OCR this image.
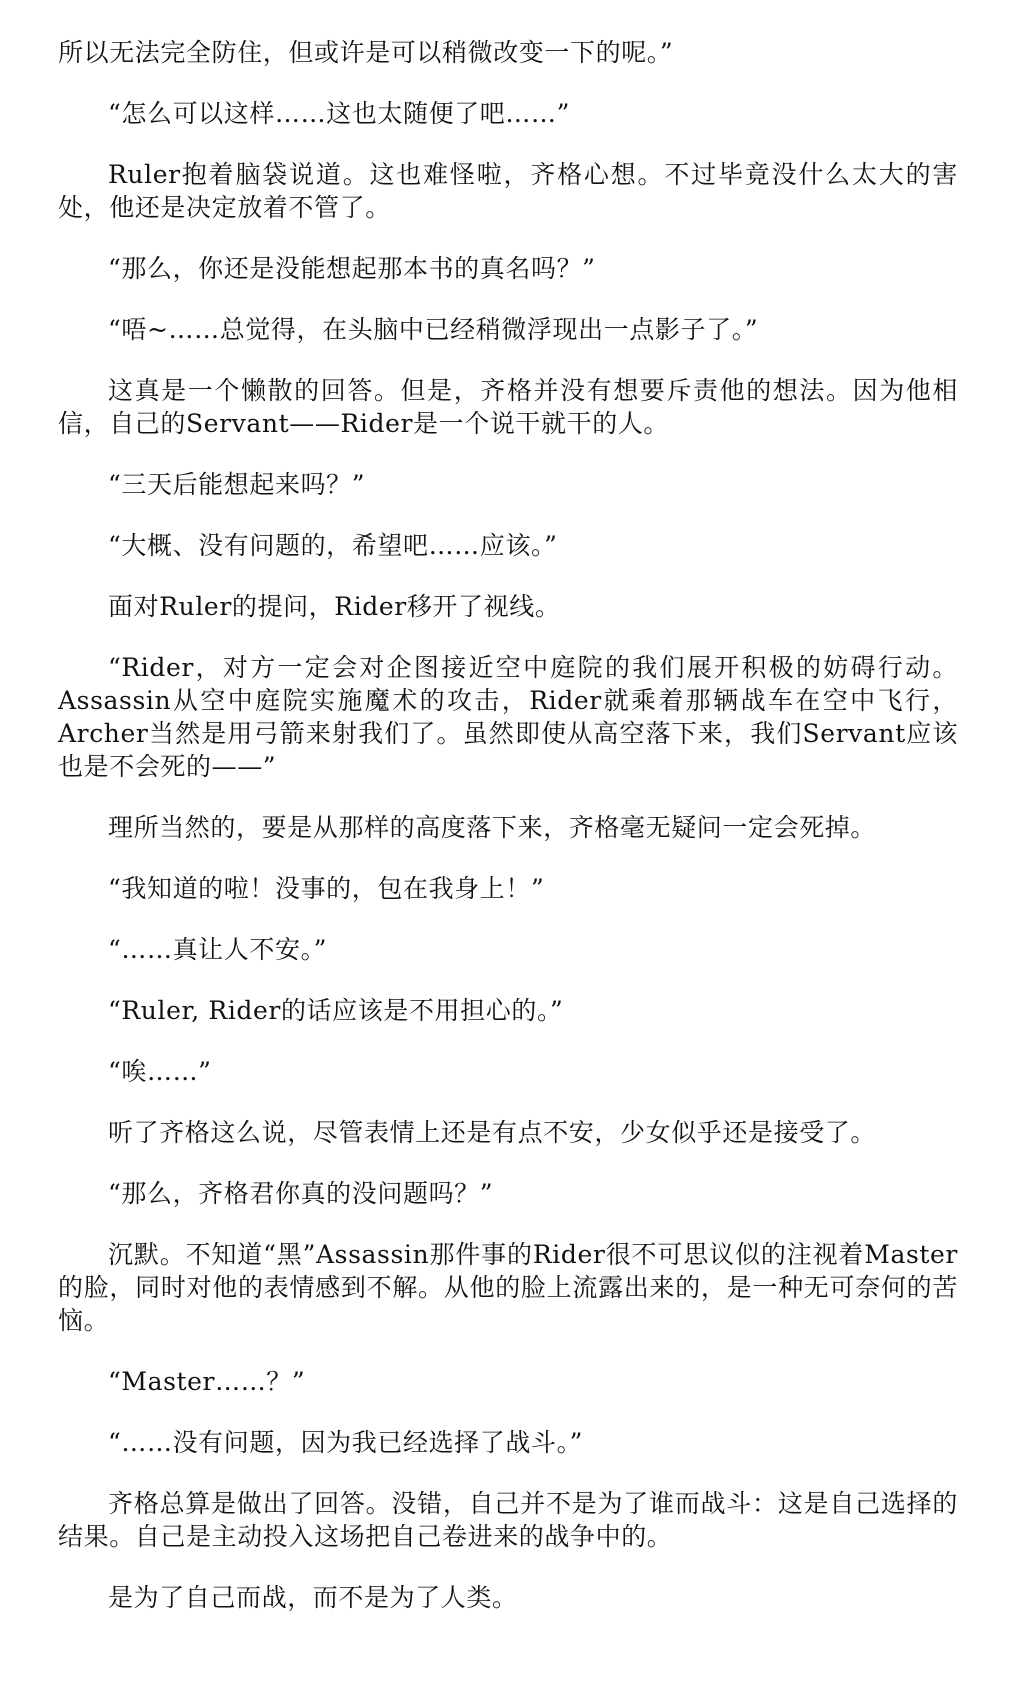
所以无法完全防住，但或许是可以稍微改变一下的呢。”

“怎么可以这样……这也太随便了吧……”

Ruler抱着脑袋说道。这也难怪啦，齐格心想。不过毕竟没什么太大的害处，他还是决定放着不管了。

“那么，你还是没能想起那本书的真名吗？”

“唔~……总觉得，在头脑中已经稍微浮现出一点影子了。”

这真是一个懒散的回答。但是，齐格并没有想要斥责他的想法。因为他相信，自己的Servant——Rider是一个说干就干的人。

“三天后能想起来吗？”

“大概、没有问题的，希望吧……应该。”

面对Ruler的提问，Rider移开了视线。

“Rider，对方一定会对企图接近空中庭院的我们展开积极的妨碍行动。Assassin从空中庭院实施魔术的攻击，Rider就乘着那辆战车在空中飞行，Archer当然是用弓箭来射我们了。虽然即使从高空落下来，我们Servant应该也是不会死的——”

理所当然的，要是从那样的高度落下来，齐格毫无疑问一定会死掉。

“我知道的啦！没事的，包在我身上！”

“……真让人不安。”

“Ruler, Rider的话应该是不用担心的。”

“唉……”

听了齐格这么说，尽管表情上还是有点不安，少女似乎还是接受了。

“那么，齐格君你真的没问题吗？”

沉默。不知道“黑”Assassin那件事的Rider很不可思议似的注视着Master的脸，同时对他的表情感到不解。从他的脸上流露出来的，是一种无可奈何的苦恼。

“Master……？”

“……没有问题，因为我已经选择了战斗。”

齐格总算是做出了回答。没错，自己并不是为了谁而战斗：这是自己选择的结果。自己是主动投入这场把自己卷进来的战争中的。

是为了自己而战，而不是为了人类。
